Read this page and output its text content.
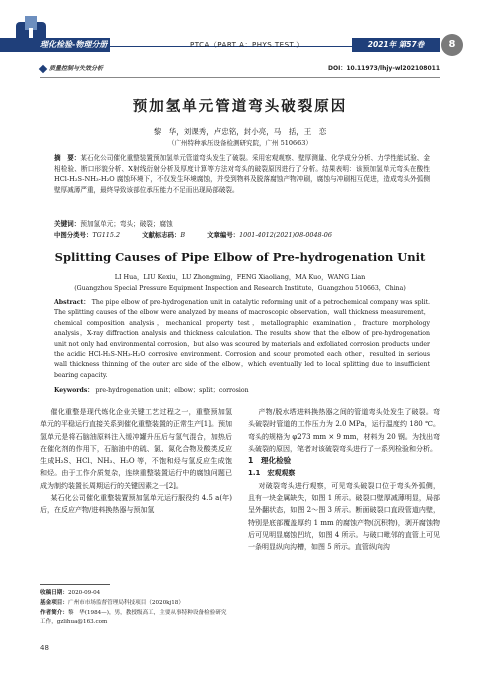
理化检验-物理分册	PTCA（PART A：PHYS.TEST.）	2021年 第57卷	8
质量控制与失效分析	DOI：10.11973/lhjy-wl202108011
预加氢单元管道弯头破裂原因
黎　华，刘课秀，卢忠铭，封小亮，马　括，王　恋
（广州特种承压设备检测研究院，广州 510663）
摘　要：某石化公司催化重整装置预加氢单元管道弯头发生了破裂。采用宏观观察、壁厚测量、化学成分分析、力学性能试验、金相检验、断口形貌分析、X射线衍射分析及厚度计算等方法对弯头的破裂原因进行了分析。结果表明：该预加氢单元弯头在酸性 HCl-H₂S-NH₃-H₂O 腐蚀环境下，不仅发生环境腐蚀，并受到物料及脱落腐蚀产物冲刷，腐蚀与冲刷相互促进，造成弯头外弧侧壁厚减薄严重，最终导致该部位承压能力不足而出现局部破裂。
关键词：预加氢单元；弯头；破裂；腐蚀
中图分类号：TG115.2	文献标志码：B	文章编号：1001-4012(2021)08-0048-06
Splitting Causes of Pipe Elbow of Pre-hydrogenation Unit
LI Hua，LIU Kexiu，LU Zhongming，FENG Xiaoliang，MA Kuo，WANG Lian
(Guangzhou Special Pressure Equipment Inspection and Research Institute，Guangzhou 510663，China)
Abstract： The pipe elbow of pre-hydrogenation unit in catalytic reforming unit of a petrochemical company was split. The splitting causes of the elbow were analyzed by means of macroscopic observation，wall thickness measurement，chemical composition analysis，mechanical property test，metallographic examination，fracture morphology analysis，X-ray diffraction analysis and thickness calculation. The results show that the elbow of pre-hydrogenation unit not only had environmental corrosion，but also was scoured by materials and exfoliated corrosion products under the acidic HCl-H₂S-NH₃-H₂O corrosive environment. Corrosion and scour promoted each other，resulted in serious wall thickness thinning of the outer arc side of the elbow，which eventually led to local splitting due to insufficient bearing capacity.
Keywords： pre-hydrogenation unit；elbow；split；corrosion

催化重整是现代炼化企业关键工艺过程之一，重整预加氢单元的平稳运行直接关系到催化重整装置的正常生产[1]。预加氢单元是将石脑油原料注入缓冲罐升压后与氢气混合，加热后在催化剂的作用下，石脑油中的硫、氯、氮化合物及酸类反应生成H₂S、HCl、NH₃、H₂O 等，不饱和烃与氢反应生成饱和烃。由于工作介质复杂，连续重整装置运行中的腐蚀问题已成为制约装置长周期运行的关键因素之一[2]。

某石化公司催化重整装置预加氢单元运行服役约 4.5 a(年)后，在反应产物/进料换热器与预加氢

产物/脱水塔进料换热器之间的管道弯头处发生了破裂。弯头破裂时管道的工作压力为 2.0 MPa，运行温度约 180 ℃。弯头的规格为 φ273 mm × 9 mm，材料为 20 钢。为找出弯头破裂的原因，笔者对该破裂弯头进行了一系列检验和分析。

1　理化检验

1.1　宏观观察

对破裂弯头进行观察，可见弯头破裂口位于弯头外弧侧，且有一块金属缺失，如图 1 所示。破裂口壁厚减薄明显，局部呈外翻状态，如图 2～图 3 所示。断面破裂口直段管道内壁，特别是底部覆盖厚约 1 mm 的腐蚀产物(沉积物)，剥开腐蚀物后可见明显腐蚀凹坑，如图 4 所示。与破口毗邻的直管上可见一条明显纵向沟槽，如图 5 所示。直管纵向沟

收稿日期：2020-09-04
基金项目：广州市市场监督管理局科技项目（2020kj18）
作者简介：黎　华(1984—)，男，教授级高工，主要从事特种设备检验研究工作，gzlihua@163.com
48
